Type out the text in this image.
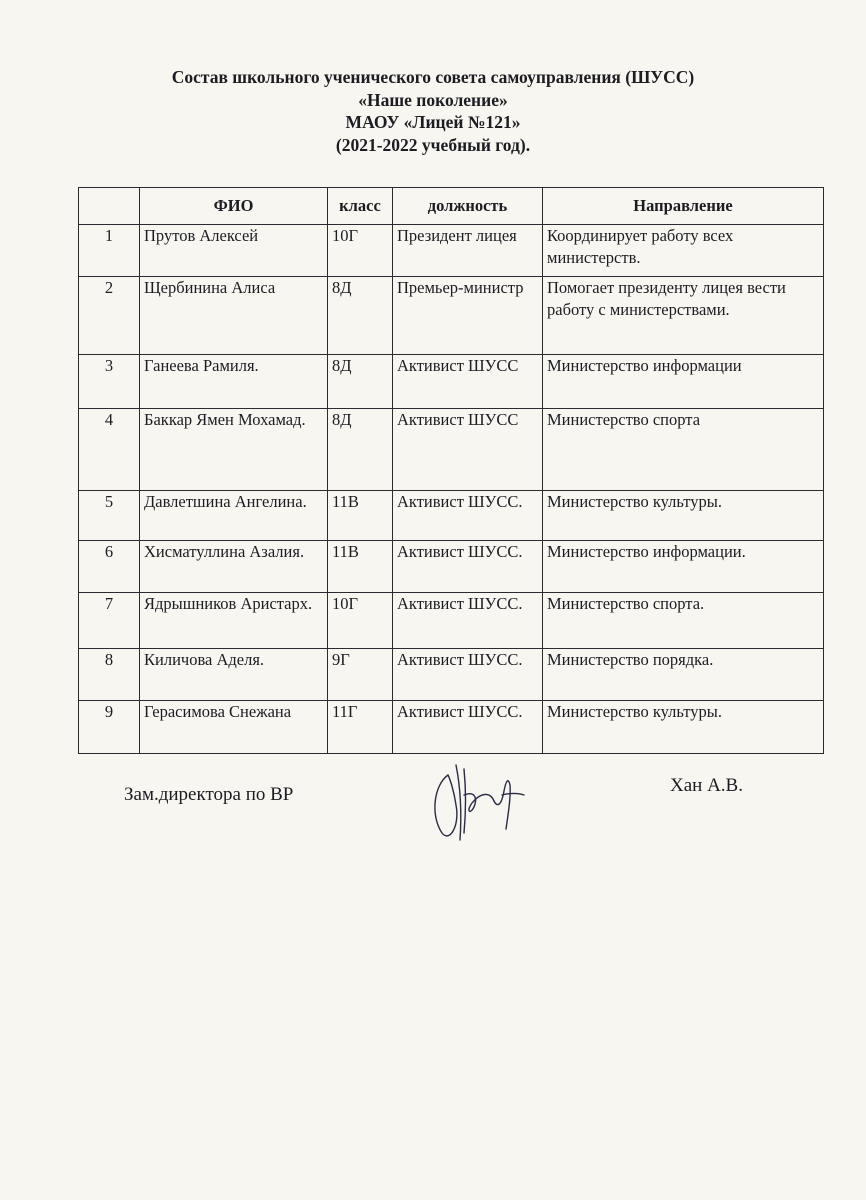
Состав школьного ученического совета самоуправления (ШУСС)
«Наше поколение»
МАОУ «Лицей №121»
(2021-2022 учебный год).
	ФИО	класс	должность	Направление
1	Прутов Алексей	10Г	Президент лицея	Координирует работу всех министерств.
2	Щербинина Алиса	8Д	Премьер-министр	Помогает президенту лицея вести работу с министерствами.
3	Ганеева Рамиля.	8Д	Активист ШУСС	Министерство информации
4	Баккар Ямен Мохамад.	8Д	Активист ШУСС	Министерство спорта
5	Давлетшина Ангелина.	11В	Активист ШУСС.	Министерство культуры.
6	Хисматуллина Азалия.	11В	Активист ШУСС.	Министерство информации.
7	Ядрышников Аристарх.	10Г	Активист ШУСС.	Министерство спорта.
8	Киличова Аделя.	9Г	Активист ШУСС.	Министерство порядка.
9	Герасимова Снежана	11Г	Активист ШУСС.	Министерство культуры.
Зам.директора по ВР	Хан А.В.
